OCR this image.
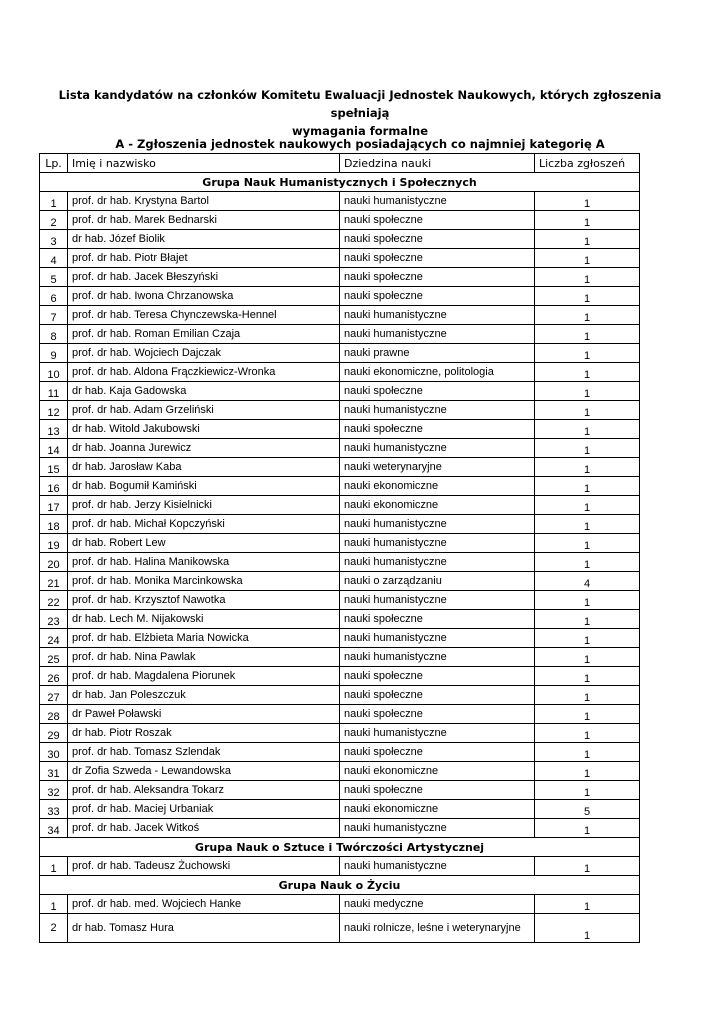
Lista kandydatów na członków Komitetu Ewaluacji Jednostek Naukowych, których zgłoszenia spełniają
wymagania formalne
A - Zgłoszenia jednostek naukowych posiadających co najmniej kategorię A
Lp.	Imię i nazwisko	Dziedzina nauki	Liczba zgłoszeń
Grupa Nauk Humanistycznych i Społecznych			
1	prof. dr hab. Krystyna Bartol	nauki humanistyczne	1
2	prof. dr hab. Marek Bednarski	nauki społeczne	1
3	dr hab. Józef Biolik	nauki społeczne	1
4	prof. dr hab. Piotr Błajet	nauki społeczne	1
5	prof. dr hab. Jacek Błeszyński	nauki społeczne	1
6	prof. dr hab. Iwona Chrzanowska	nauki społeczne	1
7	prof. dr hab. Teresa Chynczewska-Hennel	nauki humanistyczne	1
8	prof. dr hab. Roman Emilian Czaja	nauki humanistyczne	1
9	prof. dr hab. Wojciech Dajczak	nauki prawne	1
10	prof. dr hab. Aldona Frączkiewicz-Wronka	nauki ekonomiczne, politologia	1
11	dr hab. Kaja Gadowska	nauki społeczne	1
12	prof. dr hab. Adam Grzeliński	nauki humanistyczne	1
13	dr hab. Witold Jakubowski	nauki społeczne	1
14	dr hab. Joanna Jurewicz	nauki humanistyczne	1
15	dr hab. Jarosław Kaba	nauki weterynaryjne	1
16	dr hab. Bogumił Kamiński	nauki ekonomiczne	1
17	prof. dr hab. Jerzy Kisielnicki	nauki ekonomiczne	1
18	prof. dr hab. Michał Kopczyński	nauki humanistyczne	1
19	dr hab. Robert Lew	nauki humanistyczne	1
20	prof. dr hab. Halina Manikowska	nauki humanistyczne	1
21	prof. dr hab. Monika Marcinkowska	nauki o zarządzaniu	4
22	prof. dr hab. Krzysztof Nawotka	nauki humanistyczne	1
23	dr hab. Lech M. Nijakowski	nauki społeczne	1
24	prof. dr hab. Elżbieta Maria Nowicka	nauki humanistyczne	1
25	prof. dr hab. Nina Pawlak	nauki humanistyczne	1
26	prof. dr hab. Magdalena Piorunek	nauki społeczne	1
27	dr hab. Jan Poleszczuk	nauki społeczne	1
28	dr Paweł Poławski	nauki społeczne	1
29	dr hab. Piotr Roszak	nauki humanistyczne	1
30	prof. dr hab. Tomasz Szlendak	nauki społeczne	1
31	dr Zofia Szweda - Lewandowska	nauki ekonomiczne	1
32	prof. dr hab. Aleksandra Tokarz	nauki społeczne	1
33	prof. dr hab. Maciej Urbaniak	nauki ekonomiczne	5
34	prof. dr hab. Jacek Witkoś	nauki humanistyczne	1
Grupa Nauk o Sztuce i Twórczości Artystycznej			
1	prof. dr hab. Tadeusz Żuchowski	nauki humanistyczne	1
Grupa Nauk o Życiu			
1	prof. dr hab. med. Wojciech Hanke	nauki medyczne	1
2	dr hab. Tomasz Hura	nauki rolnicze, leśne i weterynaryjne	1
